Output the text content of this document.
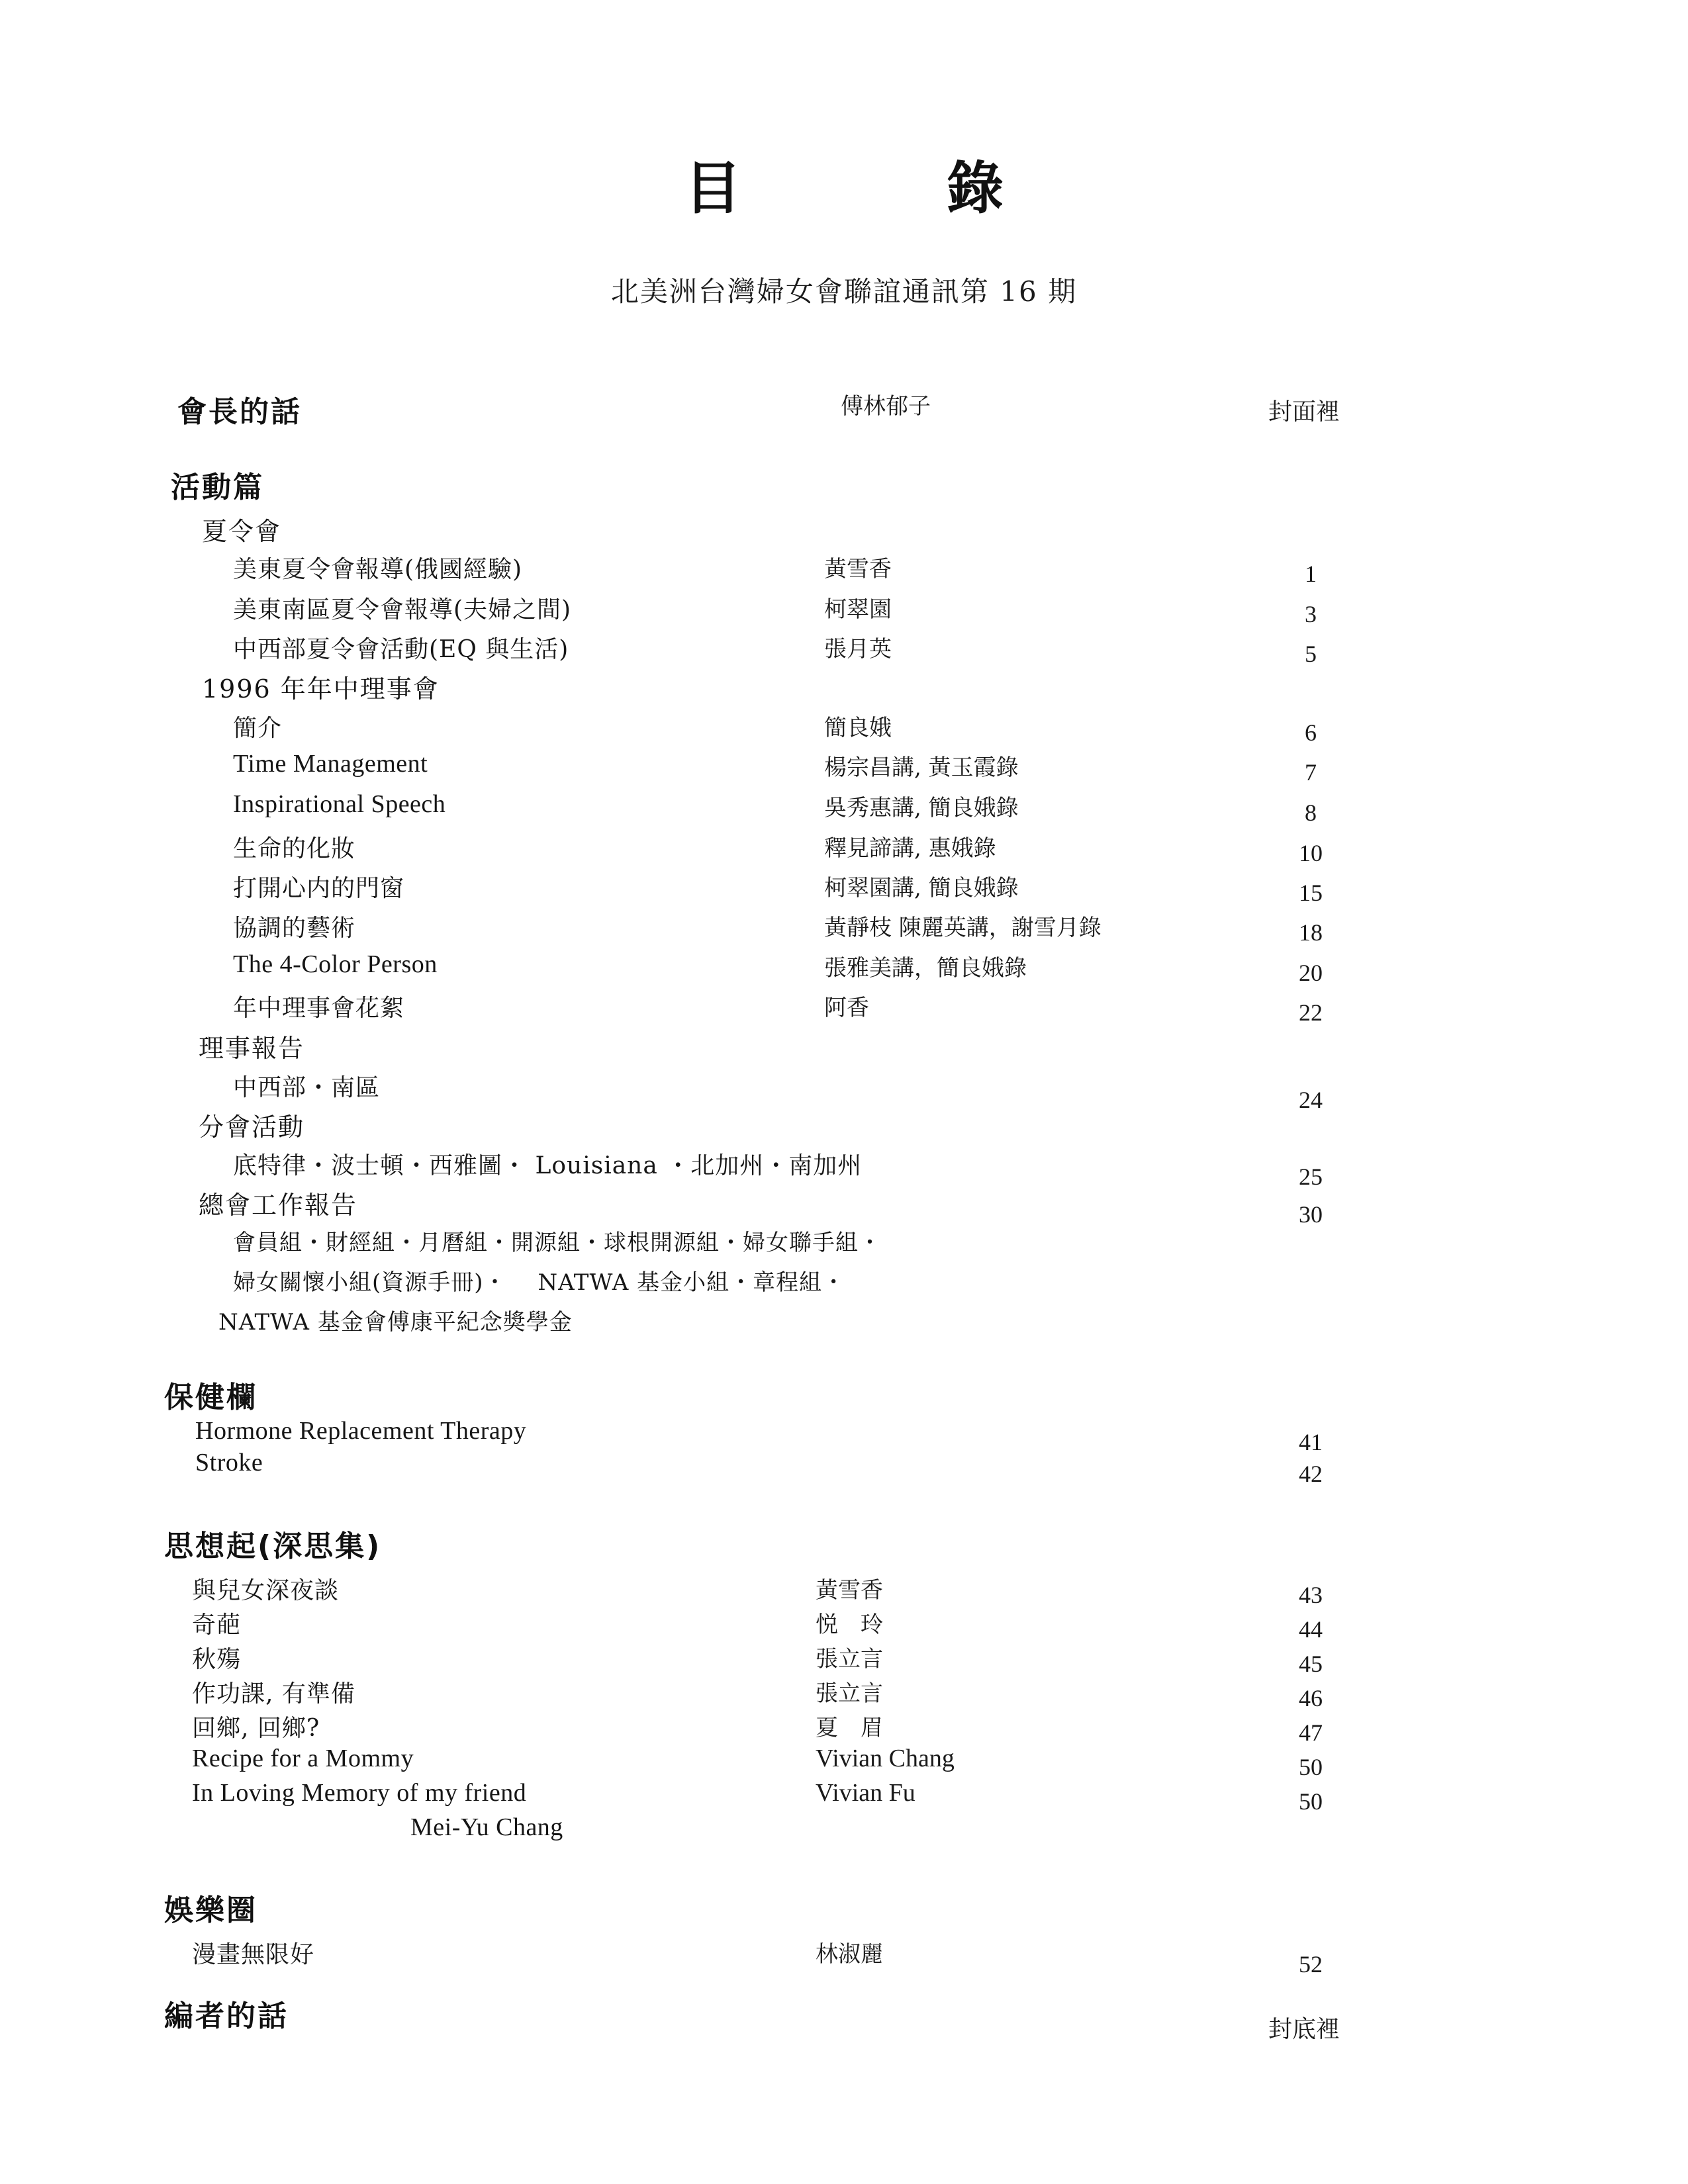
目　　錄
北美洲台灣婦女會聯誼通訊第 16 期
會長的話	傅林郁子	封面裡
活動篇
夏令會
美東夏令會報導(俄國經驗)	黃雪香	1
美東南區夏令會報導(夫婦之間)	柯翠園	3
中西部夏令會活動(EQ 與生活)	張月英	5
1996 年年中理事會
簡介	簡良娥	6
Time Management	楊宗昌講, 黃玉霞錄	7
Inspirational Speech	吳秀惠講, 簡良娥錄	8
生命的化妝	釋見諦講, 惠娥錄	10
打開心内的門窗	柯翠園講, 簡良娥錄	15
協調的藝術	黃靜枝 陳麗英講，謝雪月錄	18
The 4-Color Person	張雅美講，簡良娥錄	20
年中理事會花絮	阿香	22
理事報告
中西部・南區	24
分會活動
底特律・波士頓・西雅圖・ Louisiana ・北加州・南加州	25
總會工作報告	30
會員組・財經組・月曆組・開源組・球根開源組・婦女聯手組・
婦女關懷小組(資源手冊)・　 NATWA 基金小組・章程組・
NATWA 基金會傅康平紀念獎學金
保健欄
Hormone Replacement Therapy	41
Stroke	42
思想起(深思集)
與兒女深夜談	黃雪香	43
奇葩	悦　玲	44
秋殤	張立言	45
作功課, 有準備	張立言	46
回鄉, 回鄉?	夏　眉	47
Recipe for a Mommy	Vivian Chang	50
In Loving Memory of my friend	Vivian Fu	50
Mei-Yu Chang
娛樂圈
漫畫無限好	林淑麗	52
編者的話	封底裡
